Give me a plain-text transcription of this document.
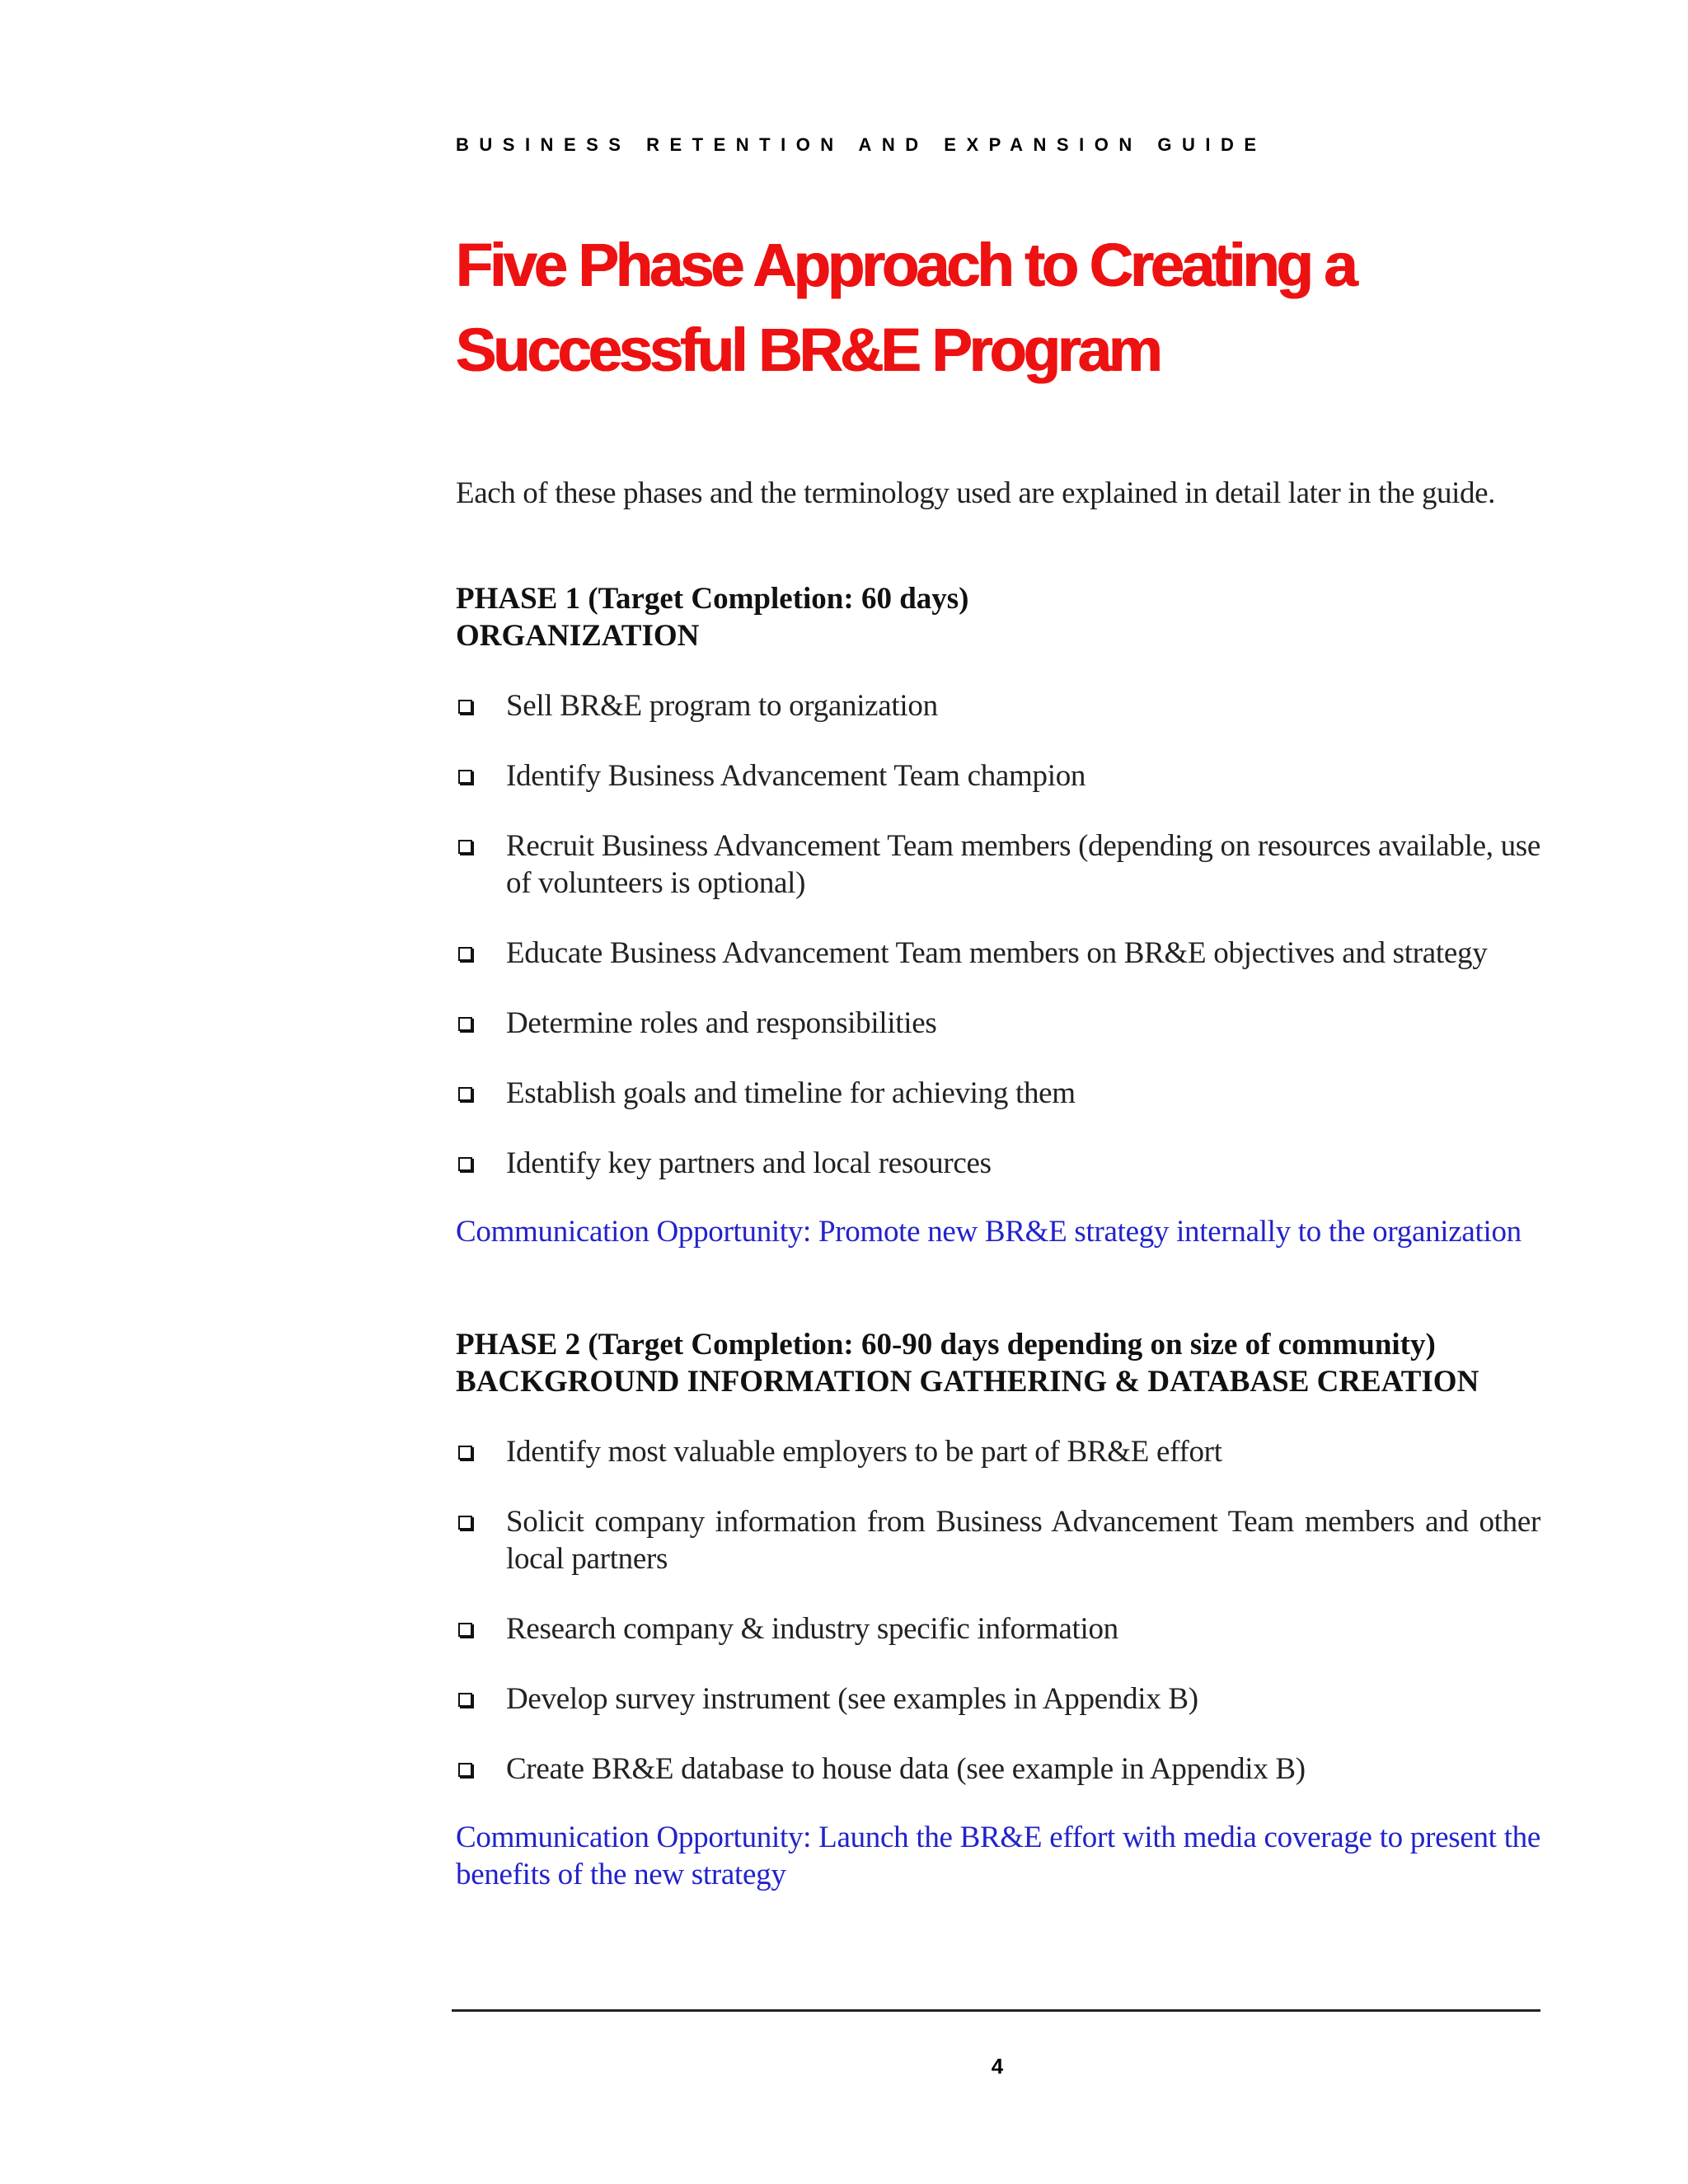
BUSINESS RETENTION AND EXPANSION GUIDE

Five Phase Approach to Creating a
Successful BR&E Program

Each of these phases and the terminology used are explained in detail later in the guide.

PHASE 1 (Target Completion: 60 days)

ORGANIZATION

Sell BR&E program to organization
Identify Business Advancement Team champion
Recruit Business Advancement Team members (depending on resources available, use of volunteers is optional)
Educate Business Advancement Team members on BR&E objectives and strategy
Determine roles and responsibilities
Establish goals and timeline for achieving them
Identify key partners and local resources

Communication Opportunity: Promote new BR&E strategy internally to the organization

PHASE 2 (Target Completion: 60-90 days depending on size of community)

BACKGROUND INFORMATION GATHERING & DATABASE CREATION

Identify most valuable employers to be part of BR&E effort
Solicit company information from Business Advancement Team members and other local partners
Research company & industry specific information
Develop survey instrument (see examples in Appendix B)
Create BR&E database to house data (see example in Appendix B)

Communication Opportunity: Launch the BR&E effort with media coverage to present the benefits of the new strategy

4
